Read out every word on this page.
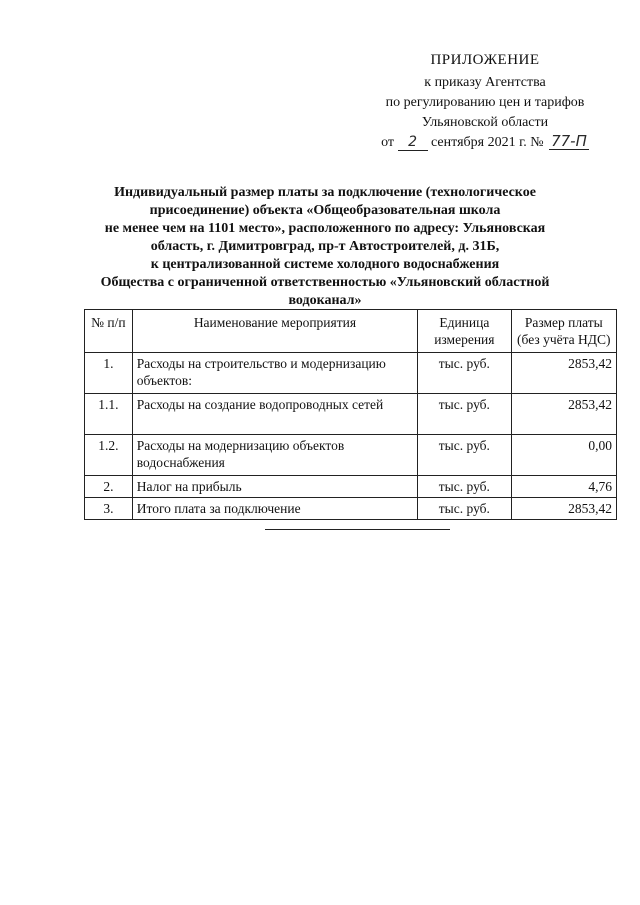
ПРИЛОЖЕНИЕ
к приказу Агентства
по регулированию цен и тарифов
Ульяновской области
от 2 сентября 2021 г. № 77-П
Индивидуальный размер платы за подключение (технологическое
присоединение) объекта «Общеобразовательная школа
не менее чем на 1101 место», расположенного по адресу: Ульяновская
область, г. Димитровград, пр-т Автостроителей, д. 31Б,
к централизованной системе холодного водоснабжения
Общества с ограниченной ответственностью «Ульяновский областной
водоканал»
№ п/п	Наименование мероприятия	Единица измерения	Размер платы (без учёта НДС)
1.	Расходы на строительство и модернизацию объектов:	тыс. руб.	2853,42
1.1.	Расходы на создание водопроводных сетей	тыс. руб.	2853,42
1.2.	Расходы на модернизацию объектов водоснабжения	тыс. руб.	0,00
2.	Налог на прибыль	тыс. руб.	4,76
3.	Итого плата за подключение	тыс. руб.	2853,42
